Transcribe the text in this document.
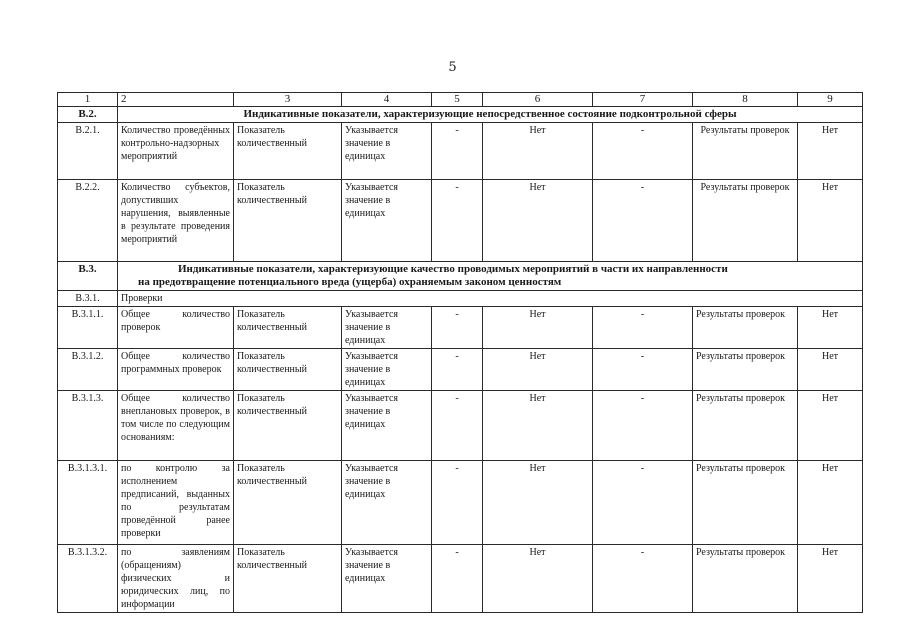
5
1	2	3	4	5	6	7	8	9
В.2.	Индикативные показатели, характеризующие непосредственное состояние подконтрольной сферы							
В.2.1.	Количество проведённых контрольно-надзорных мероприятий	Показатель количественный	Указывается значение в единицах	-	Нет	-	Результаты проверок	Нет
В.2.2.	Количество субъектов, допустивших нарушения, выявленные в результате проведения мероприятий	Показатель количественный	Указывается значение в единицах	-	Нет	-	Результаты проверок	Нет
В.3.	Индикативные показатели, характеризующие качество проводимых мероприятий в части их направленности
на предотвращение потенциального вреда (ущерба) охраняемым законом ценностям							

В.3.1.	Проверки							
В.3.1.1.	Общее количество проверок	Показатель количественный	Указывается значение в единицах	-	Нет	-	Результаты проверок	Нет
В.3.1.2.	Общее количество программных проверок	Показатель количественный	Указывается значение в единицах	-	Нет	-	Результаты проверок	Нет
В.3.1.3.	Общее количество внеплановых проверок, в том числе по следующим основаниям:	Показатель количественный	Указывается значение в единицах	-	Нет	-	Результаты проверок	Нет
В.3.1.3.1.	по контролю за исполнением предписаний, выданных по результатам проведённой ранее проверки	Показатель количественный	Указывается значение в единицах	-	Нет	-	Результаты проверок	Нет
В.3.1.3.2.	по заявлениям (обращениям) физических и юридических лиц, по информации	Показатель количественный	Указывается значение в единицах	-	Нет	-	Результаты проверок	Нет
